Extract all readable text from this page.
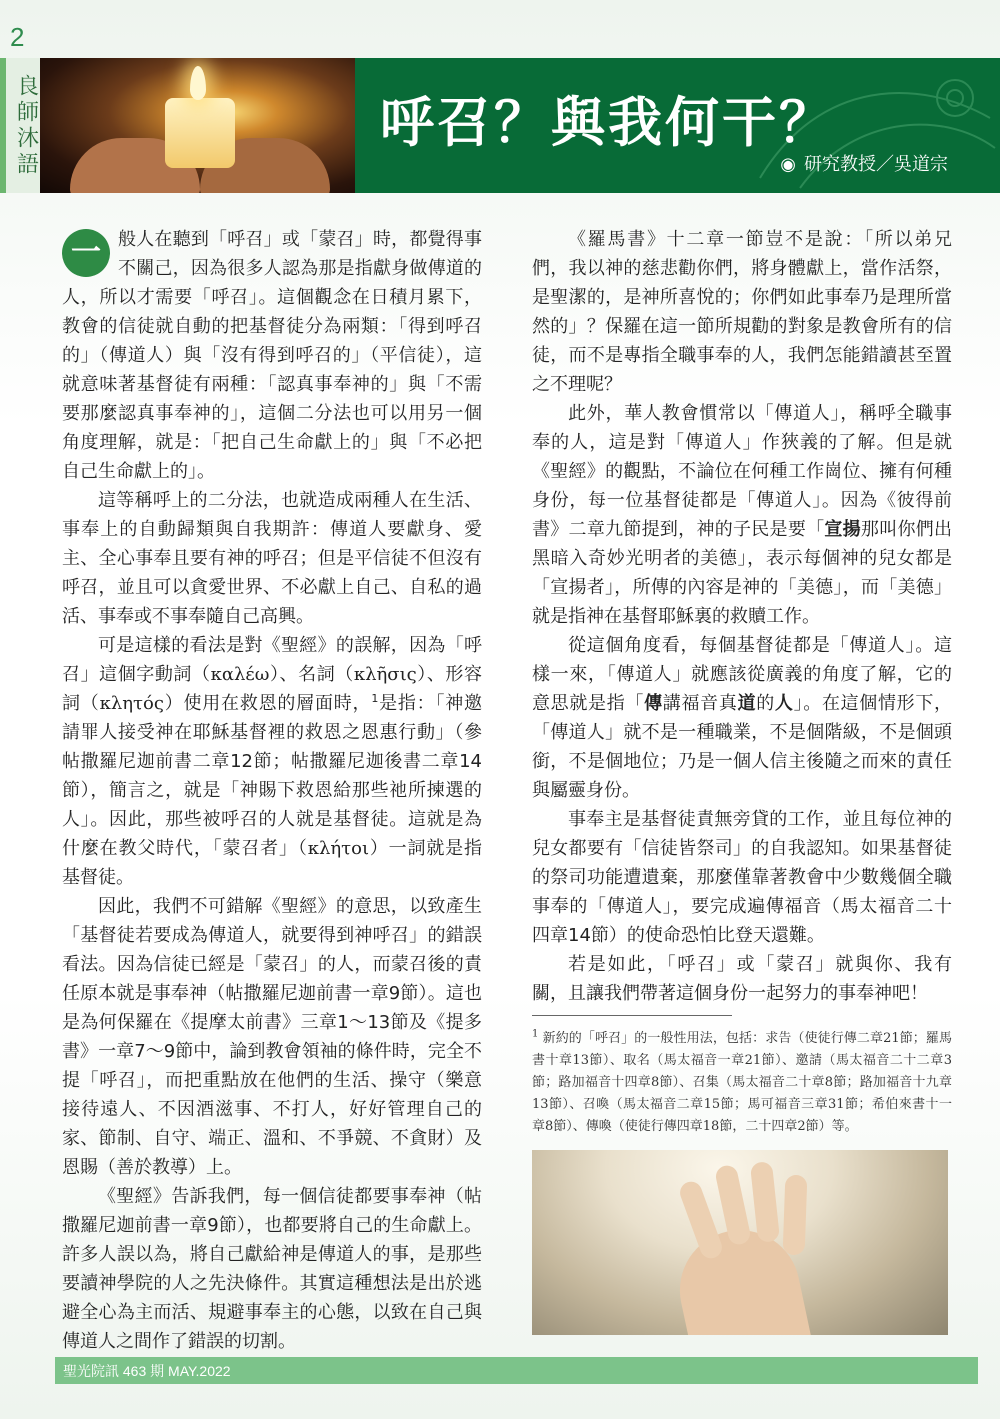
2
良師沐語	呼召？與我何干？
◉ 研究教授／吳道宗

一 般人在聽到「呼召」或「蒙召」時，都覺得事不關己，因為很多人認為那是指獻身做傳道的人，所以才需要「呼召」。這個觀念在日積月累下，教會的信徒就自動的把基督徒分為兩類：「得到呼召的」（傳道人）與「沒有得到呼召的」（平信徒），這就意味著基督徒有兩種：「認真事奉神的」與「不需要那麼認真事奉神的」，這個二分法也可以用另一個角度理解，就是：「把自己生命獻上的」與「不必把自己生命獻上的」。

這等稱呼上的二分法，也就造成兩種人在生活、事奉上的自動歸類與自我期許：傳道人要獻身、愛主、全心事奉且要有神的呼召；但是平信徒不但沒有呼召，並且可以貪愛世界、不必獻上自己、自私的過活、事奉或不事奉隨自己高興。

可是這樣的看法是對《聖經》的誤解，因為「呼召」這個字動詞（καλέω）、名詞（κλῆσις）、形容詞（κλητός）使用在救恩的層面時，$^1$是指：「神邀請罪人接受神在耶穌基督裡的救恩之恩惠行動」（參帖撒羅尼迦前書二章12節；帖撒羅尼迦後書二章14節），簡言之，就是「神賜下救恩給那些祂所揀選的人」。因此，那些被呼召的人就是基督徒。這就是為什麼在教父時代，「蒙召者」（κλήτοι）一詞就是指基督徒。

因此，我們不可錯解《聖經》的意思，以致產生「基督徒若要成為傳道人，就要得到神呼召」的錯誤看法。因為信徒已經是「蒙召」的人，而蒙召後的責任原本就是事奉神（帖撒羅尼迦前書一章9節）。這也是為何保羅在《提摩太前書》三章1～13節及《提多書》一章7～9節中，論到教會領袖的條件時，完全不提「呼召」，而把重點放在他們的生活、操守（樂意接待遠人、不因酒滋事、不打人，好好管理自己的家、節制、自守、端正、溫和、不爭競、不貪財）及恩賜（善於教導）上。

《聖經》告訴我們，每一個信徒都要事奉神（帖撒羅尼迦前書一章9節），也都要將自己的生命獻上。許多人誤以為，將自己獻給神是傳道人的事，是那些要讀神學院的人之先決條件。其實這種想法是出於逃避全心為主而活、規避事奉主的心態，以致在自己與傳道人之間作了錯誤的切割。

《羅馬書》十二章一節豈不是說：「所以弟兄們，我以神的慈悲勸你們，將身體獻上，當作活祭，是聖潔的，是神所喜悅的；你們如此事奉乃是理所當然的」？保羅在這一節所規勸的對象是教會所有的信徒，而不是專指全職事奉的人，我們怎能錯讀甚至置之不理呢？

此外，華人教會慣常以「傳道人」，稱呼全職事奉的人，這是對「傳道人」作狹義的了解。但是就《聖經》的觀點，不論位在何種工作崗位、擁有何種身份，每一位基督徒都是「傳道人」。因為《彼得前書》二章九節提到，神的子民是要「宣揚那叫你們出黑暗入奇妙光明者的美德」，表示每個神的兒女都是「宣揚者」，所傳的內容是神的「美德」，而「美德」就是指神在基督耶穌裏的救贖工作。

從這個角度看，每個基督徒都是「傳道人」。這樣一來，「傳道人」就應該從廣義的角度了解，它的意思就是指「傳講福音真道的人」。在這個情形下，「傳道人」就不是一種職業，不是個階級，不是個頭銜，不是個地位；乃是一個人信主後隨之而來的責任與屬靈身份。

事奉主是基督徒責無旁貸的工作，並且每位神的兒女都要有「信徒皆祭司」的自我認知。如果基督徒的祭司功能遭遺棄，那麼僅靠著教會中少數幾個全職事奉的「傳道人」，要完成遍傳福音（馬太福音二十四章14節）的使命恐怕比登天還難。

若是如此，「呼召」或「蒙召」就與你、我有關，且讓我們帶著這個身份一起努力的事奉神吧！

$^1$ 新約的「呼召」的一般性用法，包括：求告（使徒行傳二章21節；羅馬書十章13節）、取名（馬太福音一章21節）、邀請（馬太福音二十二章3節；路加福音十四章8節）、召集（馬太福音二十章8節；路加福音十九章13節）、召喚（馬太福音二章15節；馬可福音三章31節；希伯來書十一章8節）、傳喚（使徒行傳四章18節，二十四章2節）等。
聖光院訊 463 期 MAY.2022
